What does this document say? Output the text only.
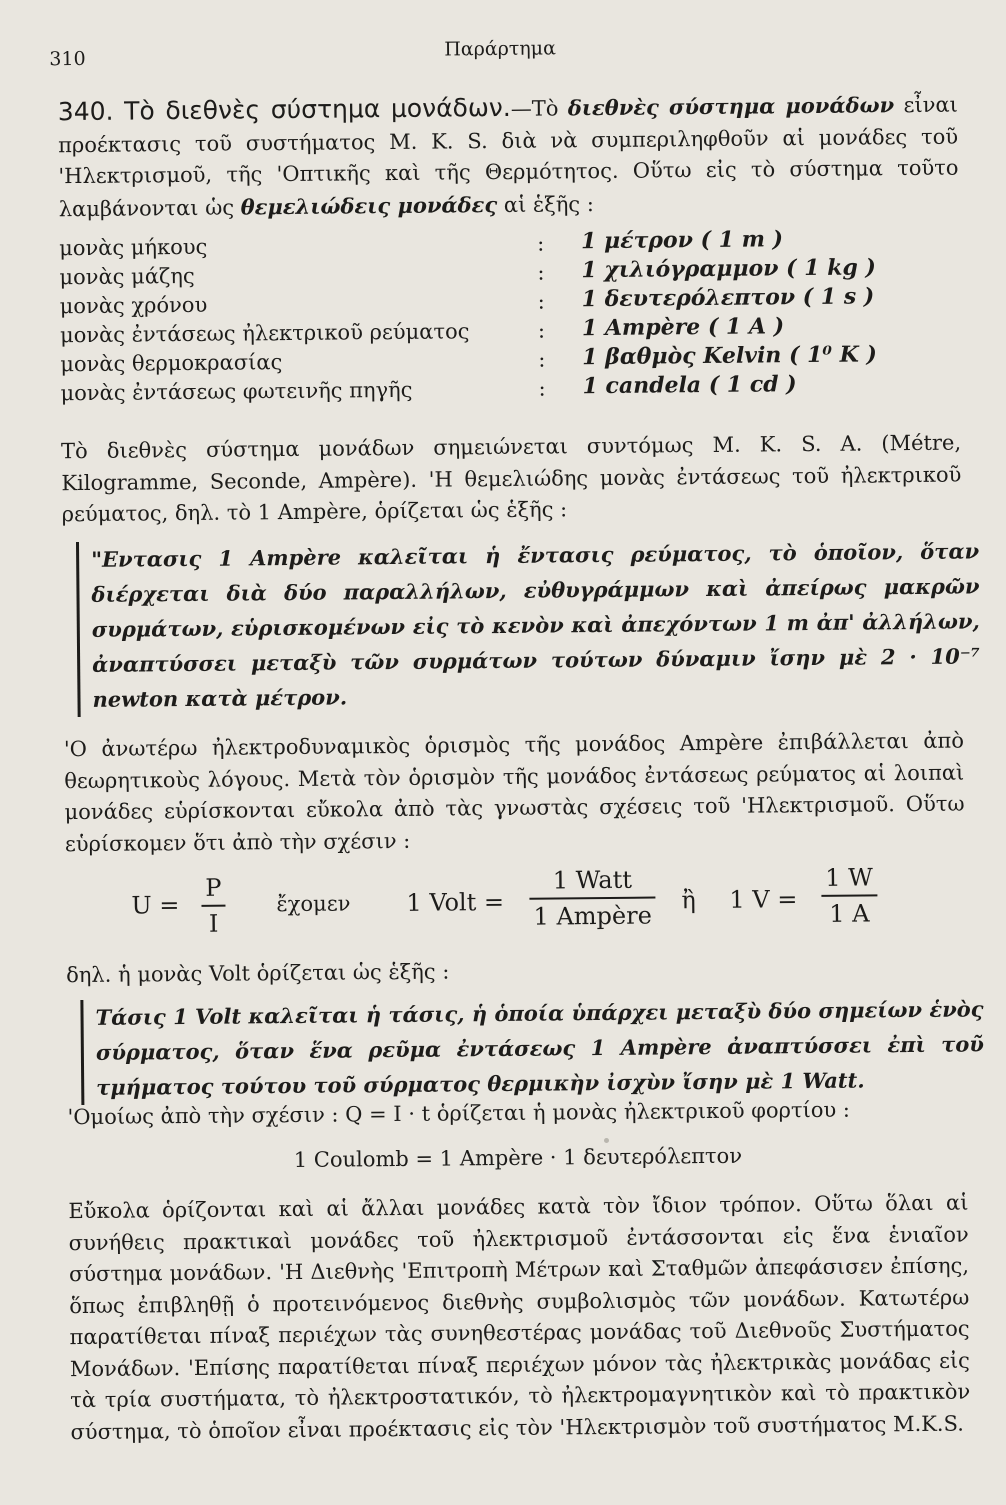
310	Παράρτημα

340. Τὸ διεθνὲς σύστημα μονάδων.—Τὸ διεθνὲς σύστημα μονάδων εἶναι προέκτασις τοῦ συστήματος M. K. S. διὰ νὰ συμπεριληφθοῦν αἱ μονάδες τοῦ 'Ηλεκτρισμοῦ, τῆς 'Οπτικῆς καὶ τῆς Θερμότητος. Οὕτω εἰς τὸ σύστημα τοῦτο λαμβάνονται ὡς θεμελιώδεις μονάδες αἱ ἑξῆς :

μονὰς μήκους	: 1 μέτρον ( 1 m )
μονὰς μάζης	: 1 χιλιόγραμμον ( 1 kg )
μονὰς χρόνου	: 1 δευτερόλεπτον ( 1 s )
μονὰς ἐντάσεως ἠλεκτρικοῦ ρεύματος	: 1 Ampère ( 1 A )
μονὰς θερμοκρασίας	: 1 βαθμὸς Kelvin ( 1⁰ K )
μονὰς ἐντάσεως φωτεινῆς πηγῆς	: 1 candela ( 1 cd )

Τὸ διεθνὲς σύστημα μονάδων σημειώνεται συντόμως M. K. S. A. (Métre, Kilogramme, Seconde, Ampère). 'Η θεμελιώδης μονὰς ἐντάσεως τοῦ ἠλεκτρικοῦ ρεύματος, δηλ. τὸ 1 Ampère, ὁρίζεται ὡς ἑξῆς :

"Εντασις 1 Ampère καλεῖται ἡ ἔντασις ρεύματος, τὸ ὁποῖον, ὅταν διέρχεται διὰ δύο παραλλήλων, εὐθυγράμμων καὶ ἀπείρως μακρῶν συρμάτων, εὑρισκομένων εἰς τὸ κενὸν καὶ ἀπεχόντων 1 m ἀπ' ἀλλήλων, ἀναπτύσσει μεταξὺ τῶν συρμάτων τούτων δύναμιν ἴσην μὲ 2 · 10⁻⁷ newton κατὰ μέτρον.

'Ο ἀνωτέρω ἠλεκτροδυναμικὸς ὁρισμὸς τῆς μονάδος Ampère ἐπιβάλλεται ἀπὸ θεωρητικοὺς λόγους. Μετὰ τὸν ὁρισμὸν τῆς μονάδος ἐντάσεως ρεύματος αἱ λοιπαὶ μονάδες εὑρίσκονται εὔκολα ἀπὸ τὰς γνωστὰς σχέσεις τοῦ 'Ηλεκτρισμοῦ. Οὕτω εὑρίσκομεν ὅτι ἀπὸ τὴν σχέσιν :

U =
P
I
ἔχομεν 1 Volt =
1 Watt
1 Ampère
ἢ 1 V =
1 W
1 A

δηλ. ἡ μονὰς Volt ὁρίζεται ὡς ἑξῆς :

Τάσις 1 Volt καλεῖται ἡ τάσις, ἡ ὁποία ὑπάρχει μεταξὺ δύο σημείων ἑνὸς σύρματος, ὅταν ἕνα ρεῦμα ἐντάσεως 1 Ampère ἀναπτύσσει ἐπὶ τοῦ τμήματος τούτου τοῦ σύρματος θερμικὴν ἰσχὺν ἴσην μὲ 1 Watt.

'Ομοίως ἀπὸ τὴν σχέσιν : Q = I · t ὁρίζεται ἡ μονὰς ἠλεκτρικοῦ φορτίου :

1 Coulomb = 1 Ampère · 1 δευτερόλεπτον

Εὔκολα ὁρίζονται καὶ αἱ ἄλλαι μονάδες κατὰ τὸν ἴδιον τρόπον. Οὕτω ὅλαι αἱ συνήθεις πρακτικαὶ μονάδες τοῦ ἠλεκτρισμοῦ ἐντάσσονται εἰς ἕνα ἑνιαῖον σύστημα μονάδων. 'Η Διεθνὴς 'Επιτροπὴ Μέτρων καὶ Σταθμῶν ἀπεφάσισεν ἐπίσης, ὅπως ἐπιβληθῇ ὁ προτεινόμενος διεθνὴς συμβολισμὸς τῶν μονάδων. Κατωτέρω παρατίθεται πίναξ περιέχων τὰς συνηθεστέρας μονάδας τοῦ Διεθνοῦς Συστήματος Μονάδων. 'Επίσης παρατίθεται πίναξ περιέχων μόνον τὰς ἠλεκτρικὰς μονάδας εἰς τὰ τρία συστήματα, τὸ ἠλεκτροστατικόν, τὸ ἠλεκτρομαγνητικὸν καὶ τὸ πρακτικὸν σύστημα, τὸ ὁποῖον εἶναι προέκτασις εἰς τὸν 'Ηλεκτρισμὸν τοῦ συστήματος M.K.S.
